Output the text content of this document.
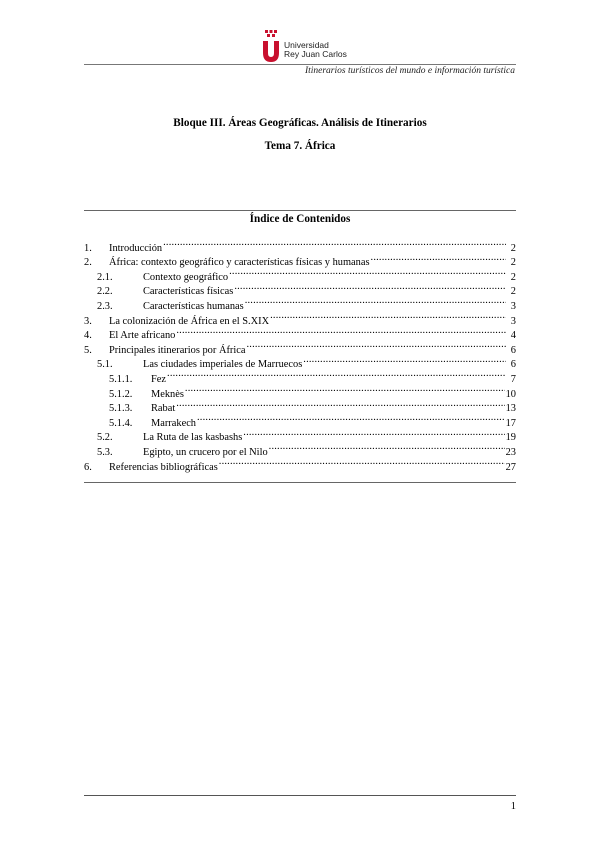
Universidad
Rey Juan Carlos
Itinerarios turísticos del mundo e información turística
Bloque III. Áreas Geográficas. Análisis de Itinerarios
Tema 7. África
Índice de Contenidos
1.	Introducción .....	2
2.	África: contexto geográfico y características físicas y humanas .....	2
2.1.	Contexto geográfico .....	2
2.2.	Características físicas .....	2
2.3.	Características humanas .....	3
3.	La colonización de África en el S.XIX .....	3
4.	El Arte africano .....	4
5.	Principales itinerarios por África .....	6
5.1.	Las ciudades imperiales de Marruecos .....	6
5.1.1.	Fez .....	7
5.1.2.	Meknès .....	10
5.1.3.	Rabat .....	13
5.1.4.	Marrakech .....	17
5.2.	La Ruta de las kasbashs .....	19
5.3.	Egipto, un crucero por el Nilo .....	23
6.	Referencias bibliográficas .....	27
1
